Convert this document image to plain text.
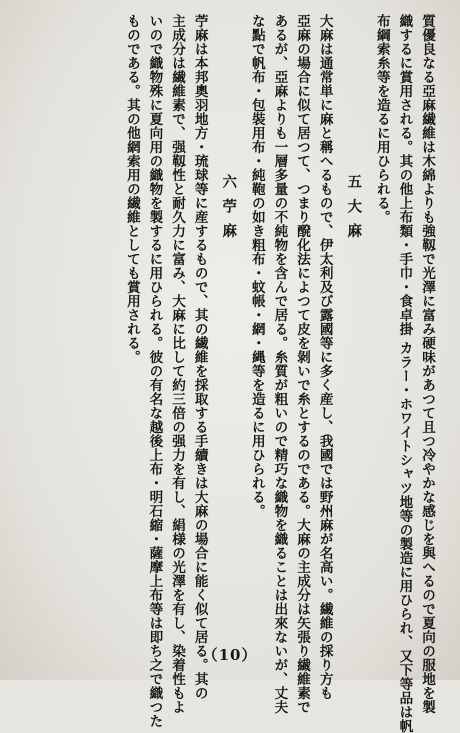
質優良なる亞麻繊維は木綿よりも強靱で光澤に富み硬味があつて且つ冷やかな感じを與へるので夏向の服地を製
織するに賞用される。其の他上布類・手巾・食卓掛 カラー・ホワイトシャツ地等の製造に用ひられ、又下等品は帆
布綱索糸等を造るに用ひられる。
五大麻
大麻は通常単に麻と稱へるもので、伊太利及び露國等に多く産し、我國では野州麻が名高い。繊維の採り方も
亞麻の場合に似て居つて、つまり醗化法によつて皮を剝いで糸とするのである。大麻の主成分は矢張り繊維素で
あるが、亞麻よりも一層多量の不純物を含んで居る。糸質が粗いので精巧な織物を織ることは出來ないが、丈夫
な點で帆布・包裝用布・純鞄の如き粗布・蚊帳・網・縄等を造るに用ひられる。
六苧麻
苧麻は本邦奧羽地方・琉球等に産するもので、其の繊維を採取する手續きは大麻の場合に能く似て居る。其の
主成分は繊維素で、强靱性と耐久力に富み、大麻に比して約三倍の强力を有し、絹様の光澤を有し、染着性もよ
いので織物殊に夏向用の織物を製するに用ひられる。彼の有名な越後上布・明石縮・薩摩上布等は即ち之で織つた
ものである。其の他網索用の繊維としても賞用される。
（10）
